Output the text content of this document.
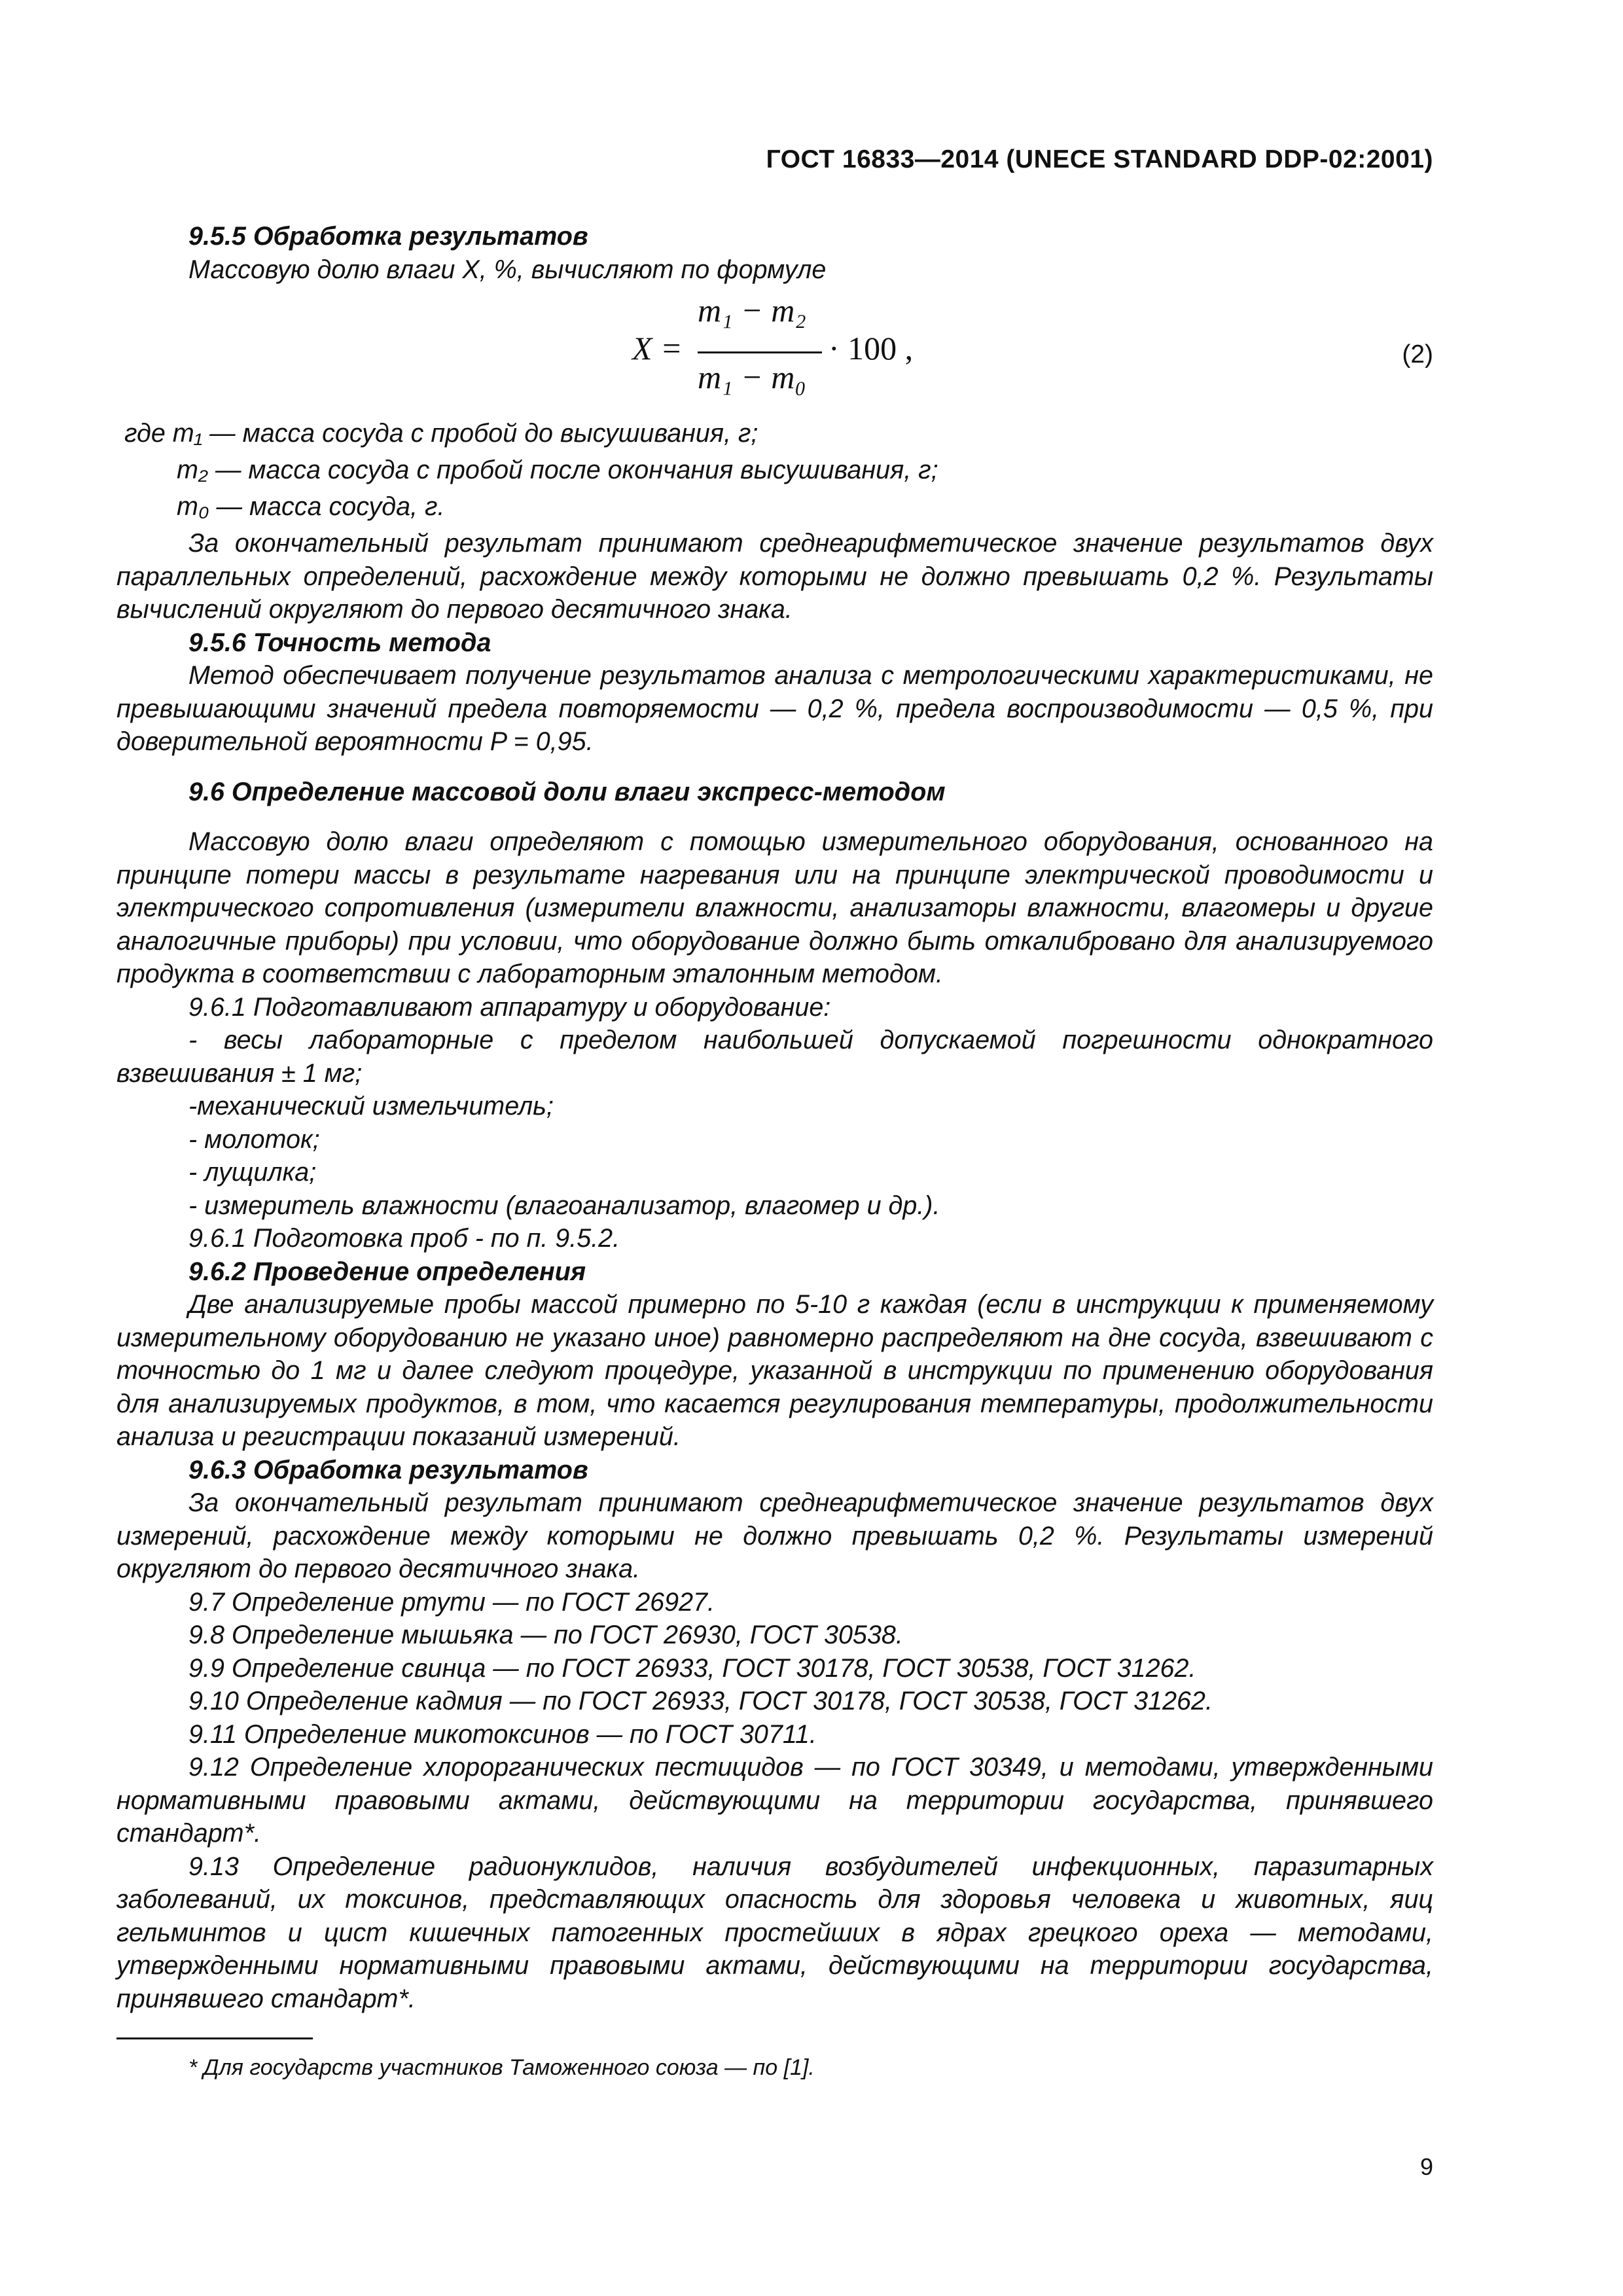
ГОСТ 16833—2014 (UNECE STANDARD DDP-02:2001)

9.5.5 Обработка результатов

Массовую долю влаги X, %, вычисляют по формуле

X =
m₁ − m₂
m₁ − m₀
· 100 ,	(2)
где m₁ — масса сосуда с пробой до высушивания, г;
m₂ — масса сосуда с пробой после окончания высушивания, г;
m₀ — масса сосуда, г.

За окончательный результат принимают среднеарифметическое значение результатов двух параллельных определений, расхождение между которыми не должно превышать 0,2 %. Результаты вычислений округляют до первого десятичного знака.

9.5.6 Точность метода

Метод обеспечивает получение результатов анализа с метрологическими характеристиками, не превышающими значений предела повторяемости — 0,2 %, предела воспроизводимости — 0,5 %, при доверительной вероятности P = 0,95.

9.6 Определение массовой доли влаги экспресс-методом

Массовую долю влаги определяют с помощью измерительного оборудования, основанного на принципе потери массы в результате нагревания или на принципе электрической проводимости и электрического сопротивления (измерители влажности, анализаторы влажности, влагомеры и другие аналогичные приборы) при условии, что оборудование должно быть откалибровано для анализируемого продукта в соответствии с лабораторным эталонным методом.

9.6.1 Подготавливают аппаратуру и оборудование:

- весы лабораторные с пределом наибольшей допускаемой погрешности однократного взвешивания ± 1 мг;

-механический измельчитель;

- молоток;

- лущилка;

- измеритель влажности (влагоанализатор, влагомер и др.).

9.6.1 Подготовка проб - по п. 9.5.2.

9.6.2 Проведение определения

Две анализируемые пробы массой примерно по 5-10 г каждая (если в инструкции к применяемому измерительному оборудованию не указано иное) равномерно распределяют на дне сосуда, взвешивают с точностью до 1 мг и далее следуют процедуре, указанной в инструкции по применению оборудования для анализируемых продуктов, в том, что касается регулирования температуры, продолжительности анализа и регистрации показаний измерений.

9.6.3 Обработка результатов

За окончательный результат принимают среднеарифметическое значение результатов двух измерений, расхождение между которыми не должно превышать 0,2 %. Результаты измерений округляют до первого десятичного знака.

9.7 Определение ртути — по ГОСТ 26927.

9.8 Определение мышьяка — по ГОСТ 26930, ГОСТ 30538.

9.9 Определение свинца — по ГОСТ 26933, ГОСТ 30178, ГОСТ 30538, ГОСТ 31262.

9.10 Определение кадмия — по ГОСТ 26933, ГОСТ 30178, ГОСТ 30538, ГОСТ 31262.

9.11 Определение микотоксинов — по ГОСТ 30711.

9.12 Определение хлорорганических пестицидов — по ГОСТ 30349, и методами, утвержденными нормативными правовыми актами, действующими на территории государства, принявшего стандарт*.

9.13 Определение радионуклидов, наличия возбудителей инфекционных, паразитарных заболеваний, их токсинов, представляющих опасность для здоровья человека и животных, яиц гельминтов и цист кишечных патогенных простейших в ядрах грецкого ореха — методами, утвержденными нормативными правовыми актами, действующими на территории государства, принявшего стандарт*.

* Для государств участников Таможенного союза — по [1].

9
